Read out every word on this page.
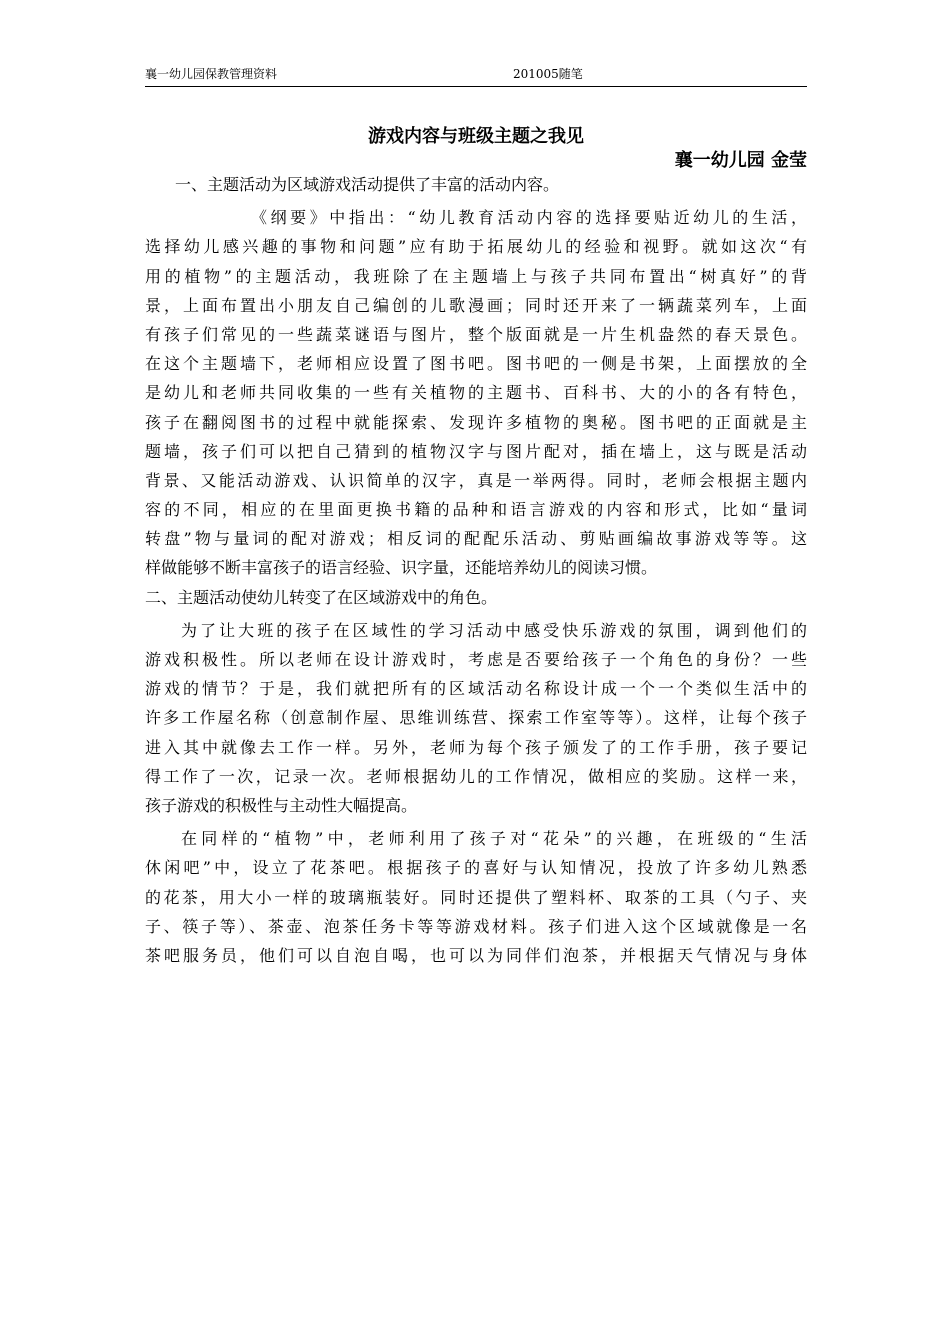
襄一幼儿园保教管理资料	201005随笔
游戏内容与班级主题之我见
襄一幼儿园 金莹
一、主题活动为区域游戏活动提供了丰富的活动内容。
《纲要》中指出：“幼儿教育活动内容的选择要贴近幼儿的生活，
选择幼儿感兴趣的事物和问题”应有助于拓展幼儿的经验和视野。就如这次“有
用的植物”的主题活动，我班除了在主题墙上与孩子共同布置出“树真好”的背
景，上面布置出小朋友自己编创的儿歌漫画；同时还开来了一辆蔬菜列车，上面
有孩子们常见的一些蔬菜谜语与图片，整个版面就是一片生机盎然的春天景色。
在这个主题墙下，老师相应设置了图书吧。图书吧的一侧是书架，上面摆放的全
是幼儿和老师共同收集的一些有关植物的主题书、百科书、大的小的各有特色，
孩子在翻阅图书的过程中就能探索、发现许多植物的奥秘。图书吧的正面就是主
题墙，孩子们可以把自己猜到的植物汉字与图片配对，插在墙上，这与既是活动
背景、又能活动游戏、认识简单的汉字，真是一举两得。同时，老师会根据主题内
容的不同，相应的在里面更换书籍的品种和语言游戏的内容和形式，比如“量词
转盘”物与量词的配对游戏；相反词的配配乐活动、剪贴画编故事游戏等等。这
样做能够不断丰富孩子的语言经验、识字量，还能培养幼儿的阅读习惯。
二、主题活动使幼儿转变了在区域游戏中的角色。
为了让大班的孩子在区域性的学习活动中感受快乐游戏的氛围，调到他们的
游戏积极性。所以老师在设计游戏时，考虑是否要给孩子一个角色的身份？一些
游戏的情节？于是，我们就把所有的区域活动名称设计成一个一个类似生活中的
许多工作屋名称（创意制作屋、思维训练营、探索工作室等等）。这样，让每个孩子
进入其中就像去工作一样。另外，老师为每个孩子颁发了的工作手册，孩子要记
得工作了一次，记录一次。老师根据幼儿的工作情况，做相应的奖励。这样一来，
孩子游戏的积极性与主动性大幅提高。
在同样的“植物”中，老师利用了孩子对“花朵”的兴趣，在班级的“生活
休闲吧”中，设立了花茶吧。根据孩子的喜好与认知情况，投放了许多幼儿熟悉
的花茶，用大小一样的玻璃瓶装好。同时还提供了塑料杯、取茶的工具（勺子、夹
子、筷子等）、茶壶、泡茶任务卡等等游戏材料。孩子们进入这个区域就像是一名
茶吧服务员，他们可以自泡自喝，也可以为同伴们泡茶，并根据天气情况与身体
